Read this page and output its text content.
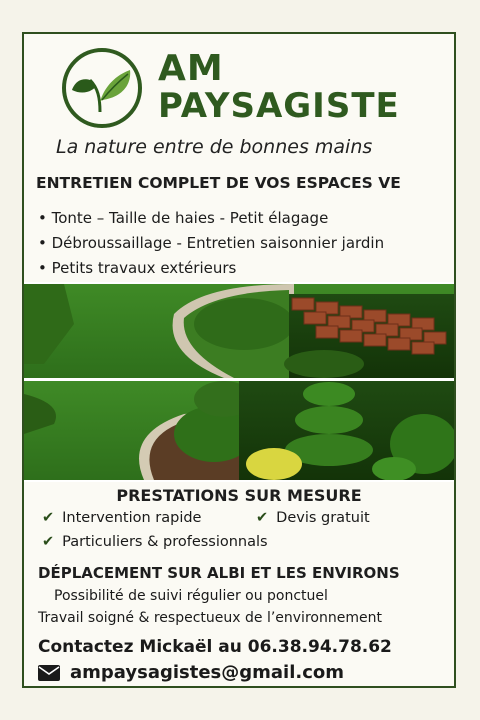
AM
PAYSAGISTE
La nature entre de bonnes mains
ENTRETIEN COMPLET DE VOS ESPACES VE
• Tonte – Taille de haies - Petit élagage
• Débroussaillage - Entretien saisonnier jardin
• Petits travaux extérieurs
PRESTATIONS SUR MESURE
✔ Intervention rapide	✔ Devis gratuit
✔ Particuliers & professionnals
DÉPLACEMENT SUR ALBI ET LES ENVIRONS
Possibilité de suivi régulier ou ponctuel
Travail soigné & respectueux de l’environnement
Contactez Mickaël au 06.38.94.78.62
ampaysagistes@gmail.com
